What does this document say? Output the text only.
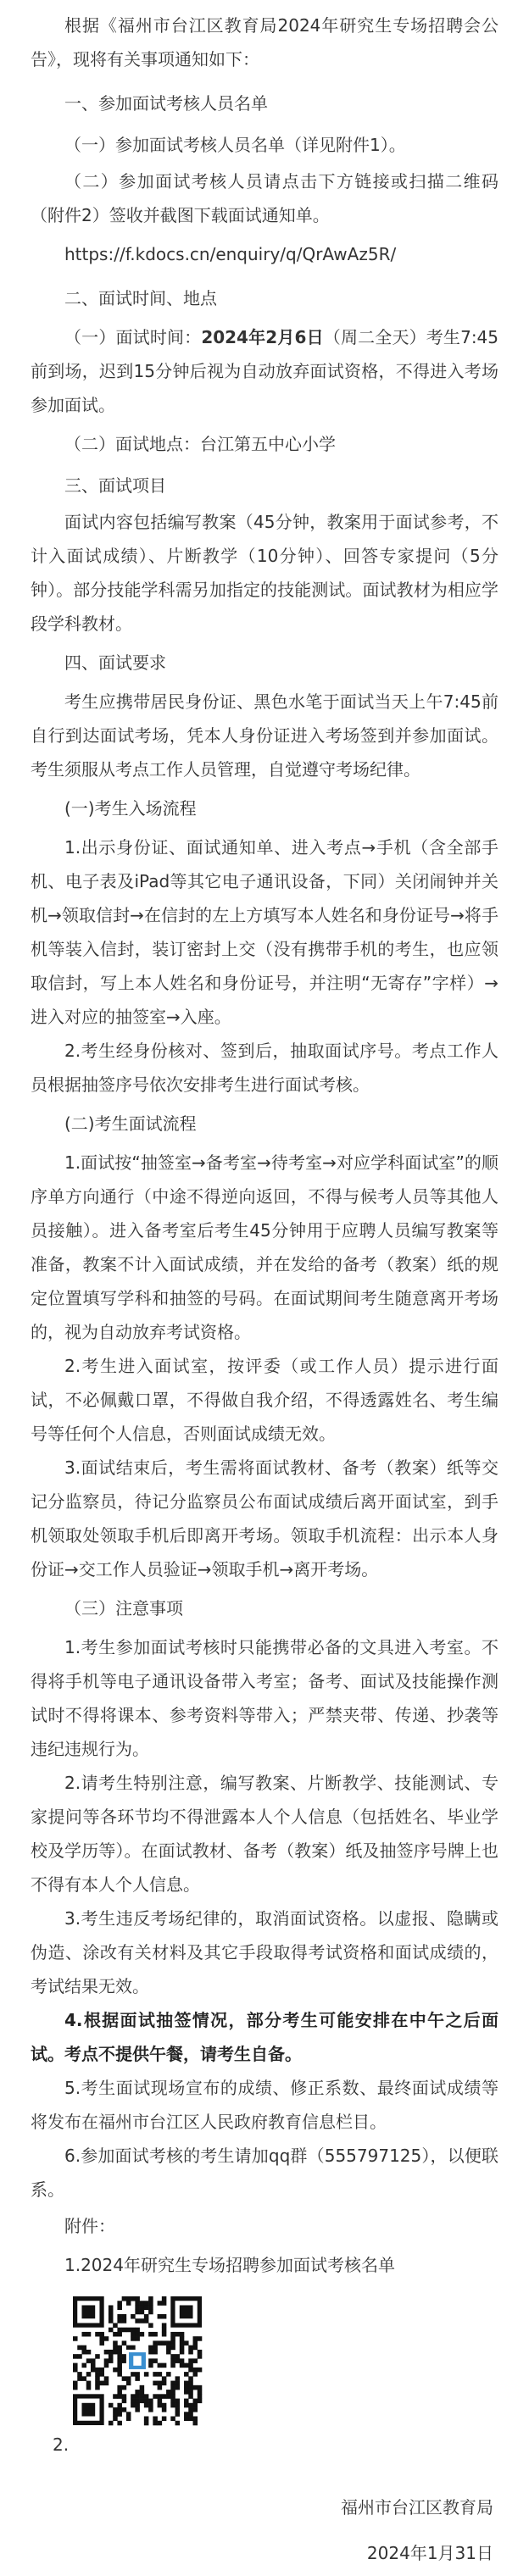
根据《福州市台江区教育局2024年研究生专场招聘会公告》，现将有关事项通知如下：

一、参加面试考核人员名单

（一）参加面试考核人员名单（详见附件1）。

（二）参加面试考核人员请点击下方链接或扫描二维码（附件2）签收并截图下载面试通知单。

https://f.kdocs.cn/enquiry/q/QrAwAz5R/

二、面试时间、地点

（一）面试时间：2024年2月6日（周二全天）考生7:45前到场，迟到15分钟后视为自动放弃面试资格，不得进入考场参加面试。

（二）面试地点：台江第五中心小学

三、面试项目

面试内容包括编写教案（45分钟，教案用于面试参考，不计入面试成绩）、片断教学（10分钟）、回答专家提问（5分钟）。部分技能学科需另加指定的技能测试。面试教材为相应学段学科教材。

四、面试要求

考生应携带居民身份证、黑色水笔于面试当天上午7:45前自行到达面试考场，凭本人身份证进入考场签到并参加面试。考生须服从考点工作人员管理，自觉遵守考场纪律。

(一)考生入场流程

1.出示身份证、面试通知单、进入考点→手机（含全部手机、电子表及iPad等其它电子通讯设备，下同）关闭闹钟并关机→领取信封→在信封的左上方填写本人姓名和身份证号→将手机等装入信封，装订密封上交（没有携带手机的考生，也应领取信封，写上本人姓名和身份证号，并注明“无寄存”字样）→进入对应的抽签室→入座。

2.考生经身份核对、签到后，抽取面试序号。考点工作人员根据抽签序号依次安排考生进行面试考核。

(二)考生面试流程

1.面试按“抽签室→备考室→待考室→对应学科面试室”的顺序单方向通行（中途不得逆向返回，不得与候考人员等其他人员接触）。进入备考室后考生45分钟用于应聘人员编写教案等准备，教案不计入面试成绩，并在发给的备考（教案）纸的规定位置填写学科和抽签的号码。在面试期间考生随意离开考场的，视为自动放弃考试资格。

2.考生进入面试室，按评委（或工作人员）提示进行面试，不必佩戴口罩，不得做自我介绍，不得透露姓名、考生编号等任何个人信息，否则面试成绩无效。

3.面试结束后，考生需将面试教材、备考（教案）纸等交记分监察员，待记分监察员公布面试成绩后离开面试室，到手机领取处领取手机后即离开考场。领取手机流程：出示本人身份证→交工作人员验证→领取手机→离开考场。

（三）注意事项

1.考生参加面试考核时只能携带必备的文具进入考室。不得将手机等电子通讯设备带入考室；备考、面试及技能操作测试时不得将课本、参考资料等带入；严禁夹带、传递、抄袭等违纪违规行为。

2.请考生特别注意，编写教案、片断教学、技能测试、专家提问等各环节均不得泄露本人个人信息（包括姓名、毕业学校及学历等）。在面试教材、备考（教案）纸及抽签序号牌上也不得有本人个人信息。

3.考生违反考场纪律的，取消面试资格。以虚报、隐瞒或伪造、涂改有关材料及其它手段取得考试资格和面试成绩的，考试结果无效。

4.根据面试抽签情况，部分考生可能安排在中午之后面试。考点不提供午餐，请考生自备。

5.考生面试现场宣布的成绩、修正系数、最终面试成绩等将发布在福州市台江区人民政府教育信息栏目。

6.参加面试考核的考生请加qq群（555797125），以便联系。

附件：

1.2024年研究生专场招聘参加面试考核名单

2.

福州市台江区教育局

2024年1月31日
